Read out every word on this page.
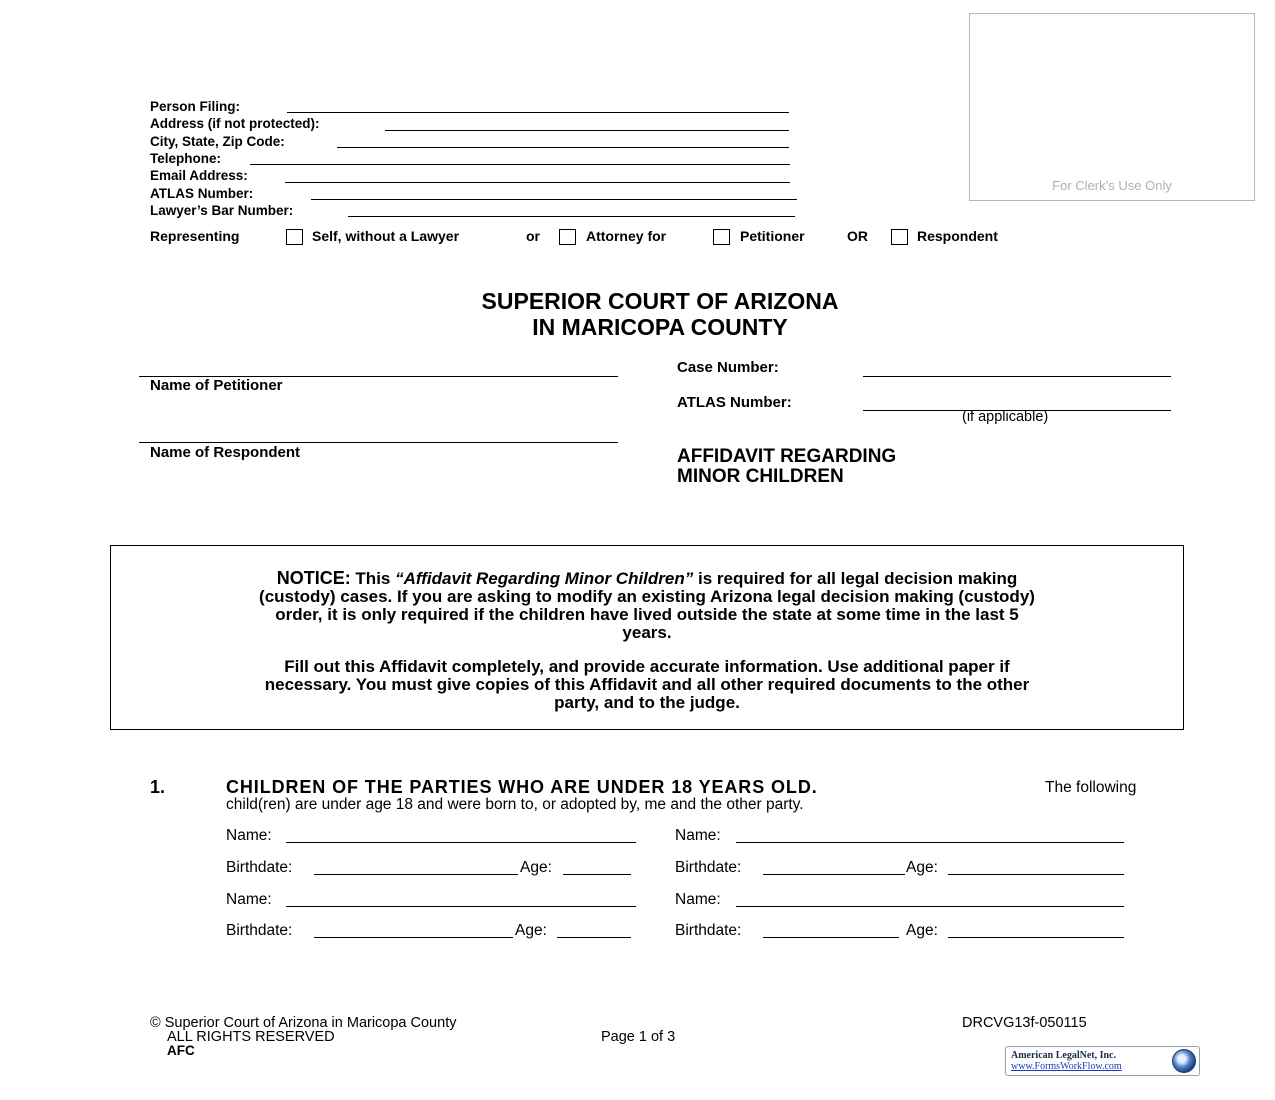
For Clerk’s Use Only
Person Filing:
Address (if not protected):
City, State, Zip Code:
Telephone:
Email Address:
ATLAS Number:
Lawyer’s Bar Number:
Representing	Self, without a Lawyer	or	Attorney for	Petitioner	OR	Respondent
SUPERIOR COURT OF ARIZONA
IN MARICOPA COUNTY
Name of Petitioner
Name of Respondent
Case Number:
ATLAS Number:
(if applicable)
AFFIDAVIT REGARDING
MINOR CHILDREN
NOTICE: This “Affidavit Regarding Minor Children” is required for all legal decision making
(custody) cases. If you are asking to modify an existing Arizona legal decision making (custody)
order, it is only required if the children have lived outside the state at some time in the last 5
years.
Fill out this Affidavit completely, and provide accurate information. Use additional paper if
necessary. You must give copies of this Affidavit and all other required documents to the other
party, and to the judge.
1.	CHILDREN OF THE PARTIES WHO ARE UNDER 18 YEARS OLD.	The following
child(ren) are under age 18 and were born to, or adopted by, me and the other party.
Name:	Name:
Birthdate:	Age:	Birthdate:	Age:
Name:	Name:
Birthdate:	Age:	Birthdate:	Age:
© Superior Court of Arizona in Maricopa County
ALL RIGHTS RESERVED
AFC
Page 1 of 3
DRCVG13f-050115
American LegalNet, Inc.
www.FormsWorkFlow.com
